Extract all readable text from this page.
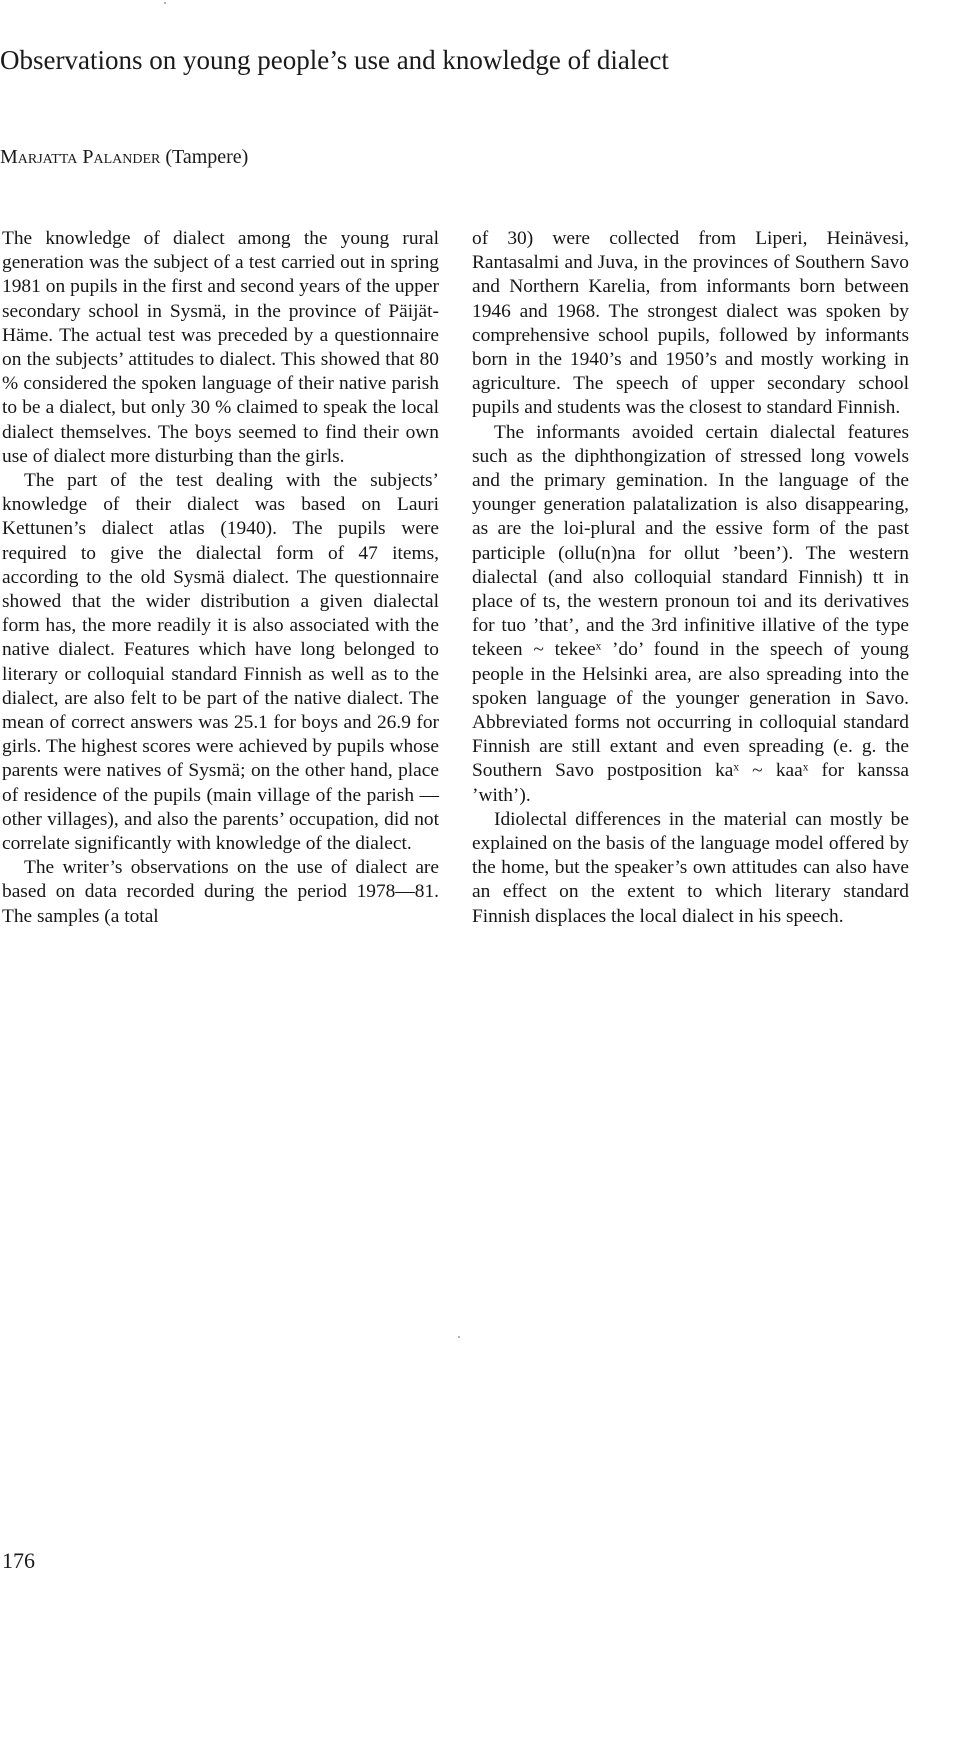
Observations on young people’s use and knowledge of dialect

Marjatta Palander (Tampere)

The knowledge of dialect among the young rural generation was the subject of a test carried out in spring 1981 on pupils in the first and second years of the upper secondary school in Sysmä, in the province of Päijät-Häme. The actual test was preceded by a questionnaire on the subjects’ attitudes to dialect. This showed that 80 % considered the spoken language of their native parish to be a dialect, but only 30 % claimed to speak the local dialect themselves. The boys seemed to find their own use of dialect more disturbing than the girls.

The part of the test dealing with the subjects’ knowledge of their dialect was based on Lauri Kettunen’s dialect atlas (1940). The pupils were required to give the dialectal form of 47 items, according to the old Sysmä dialect. The questionnaire showed that the wider distribution a given dialectal form has, the more readily it is also associated with the native dialect. Features which have long belonged to literary or colloquial standard Finnish as well as to the dialect, are also felt to be part of the native dialect. The mean of correct answers was 25.1 for boys and 26.9 for girls. The highest scores were achieved by pupils whose parents were natives of Sysmä; on the other hand, place of residence of the pupils (main village of the parish — other villages), and also the parents’ occupation, did not correlate significantly with knowledge of the dialect.

The writer’s observations on the use of dialect are based on data recorded during the period 1978—81. The samples (a total

of 30) were collected from Liperi, Heinävesi, Rantasalmi and Juva, in the provinces of Southern Savo and Northern Karelia, from informants born between 1946 and 1968. The strongest dialect was spoken by comprehensive school pupils, followed by informants born in the 1940’s and 1950’s and mostly working in agriculture. The speech of upper secondary school pupils and students was the closest to standard Finnish.

The informants avoided certain dialectal features such as the diphthongization of stressed long vowels and the primary gemination. In the language of the younger generation palatalization is also disappearing, as are the loi-plural and the essive form of the past participle (ollu(n)na for ollut ’been’). The western dialectal (and also colloquial standard Finnish) tt in place of ts, the western pronoun toi and its derivatives for tuo ’that’, and the 3rd infinitive illative of the type tekeen ~ tekeeˣ ’do’ found in the speech of young people in the Helsinki area, are also spreading into the spoken language of the younger generation in Savo. Abbreviated forms not occurring in colloquial standard Finnish are still extant and even spreading (e. g. the Southern Savo postposition kaˣ ~ kaaˣ for kanssa ’with’).

Idiolectal differences in the material can mostly be explained on the basis of the language model offered by the home, but the speaker’s own attitudes can also have an effect on the extent to which literary standard Finnish displaces the local dialect in his speech.

176
